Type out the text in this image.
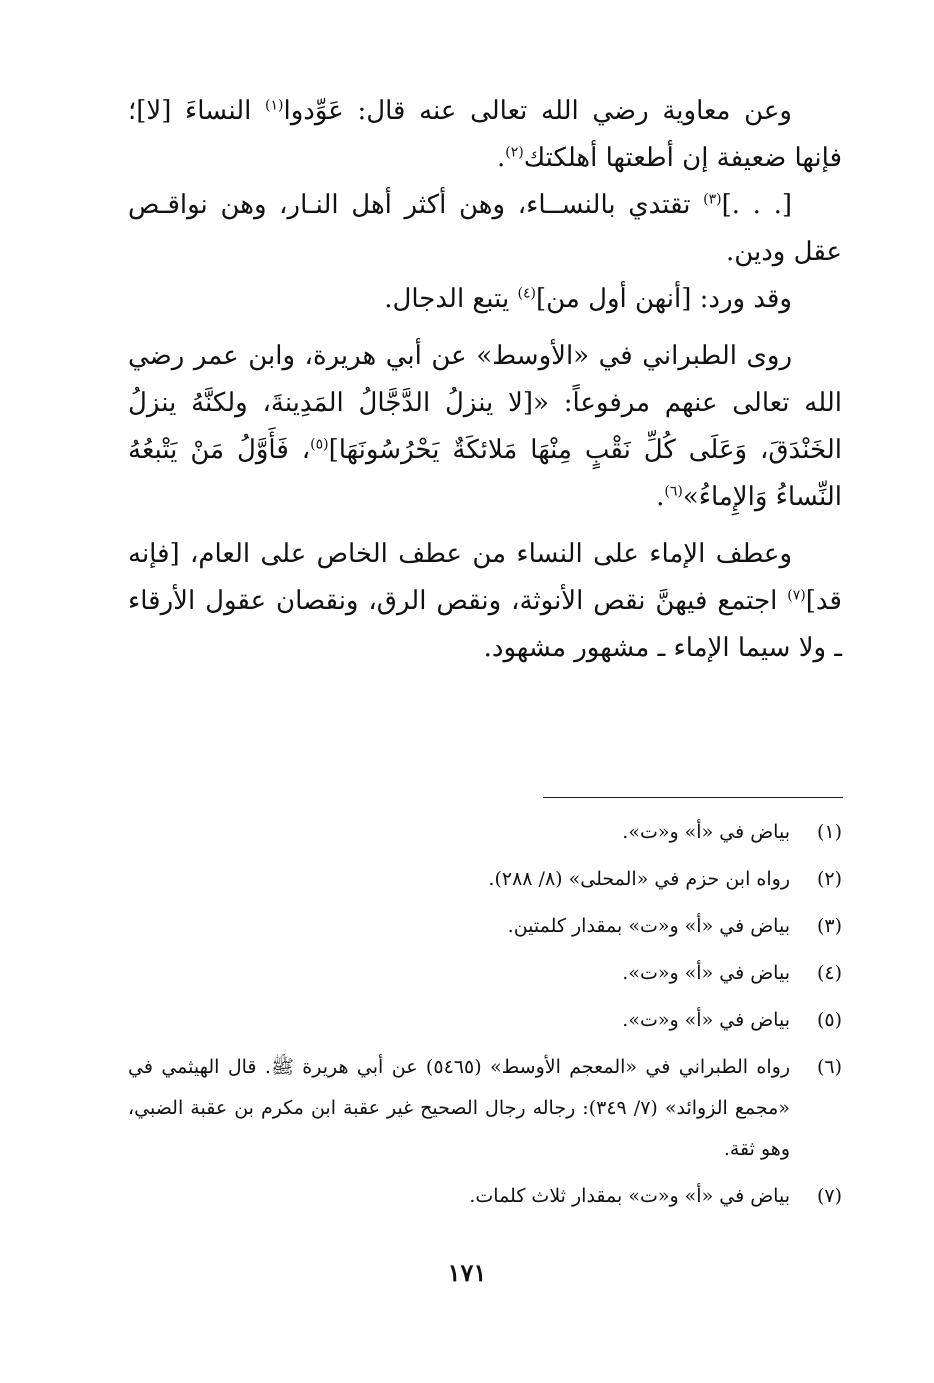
وعن معاوية رضي الله تعالى عنه قال: عَوِّدوا$^{(١)}$ النساءَ [لا]؛ فإنها ضعيفة إن أطعتها أهلكتك$^{(٢)}$.

[. . .]$^{(٣)}$ تقتدي بالنســاء، وهن أكثر أهل النـار، وهن نواقـص عقل ودين.

وقد ورد: [أنهن أول من]$^{(٤)}$ يتبع الدجال.

روى الطبراني في «الأوسط» عن أبي هريرة، وابن عمر رضي الله تعالى عنهم مرفوعاً: «[لا ينزلُ الدَّجَّالُ المَدِينةَ، ولكنَّهُ ينزلُ الخَنْدَقَ، وَعَلَى كُلِّ نَقْبٍ مِنْهَا مَلائكَةٌ يَحْرُسُونَهَا]$^{(٥)}$، فَأَوَّلُ مَنْ يَتْبعُهُ النِّساءُ وَالإِماءُ»$^{(٦)}$.

وعطف الإماء على النساء من عطف الخاص على العام، [فإنه قد]$^{(٧)}$ اجتمع فيهنَّ نقص الأنوثة، ونقص الرق، ونقصان عقول الأرقاء ـ ولا سيما الإماء ـ مشهور مشهود.

(١)
بياض في «أ» و«ت».
(٢)
رواه ابن حزم في «المحلى» (٨/ ٢٨٨).
(٣)
بياض في «أ» و«ت» بمقدار كلمتين.
(٤)
بياض في «أ» و«ت».
(٥)
بياض في «أ» و«ت».
(٦)
رواه الطبراني في «المعجم الأوسط» (٥٤٦٥) عن أبي هريرة ﷺ. قال الهيثمي في «مجمع الزوائد» (٧/ ٣٤٩): رجاله رجال الصحيح غير عقبة ابن مكرم بن عقبة الضبي، وهو ثقة.
(٧)
بياض في «أ» و«ت» بمقدار ثلاث كلمات.
١٧١
